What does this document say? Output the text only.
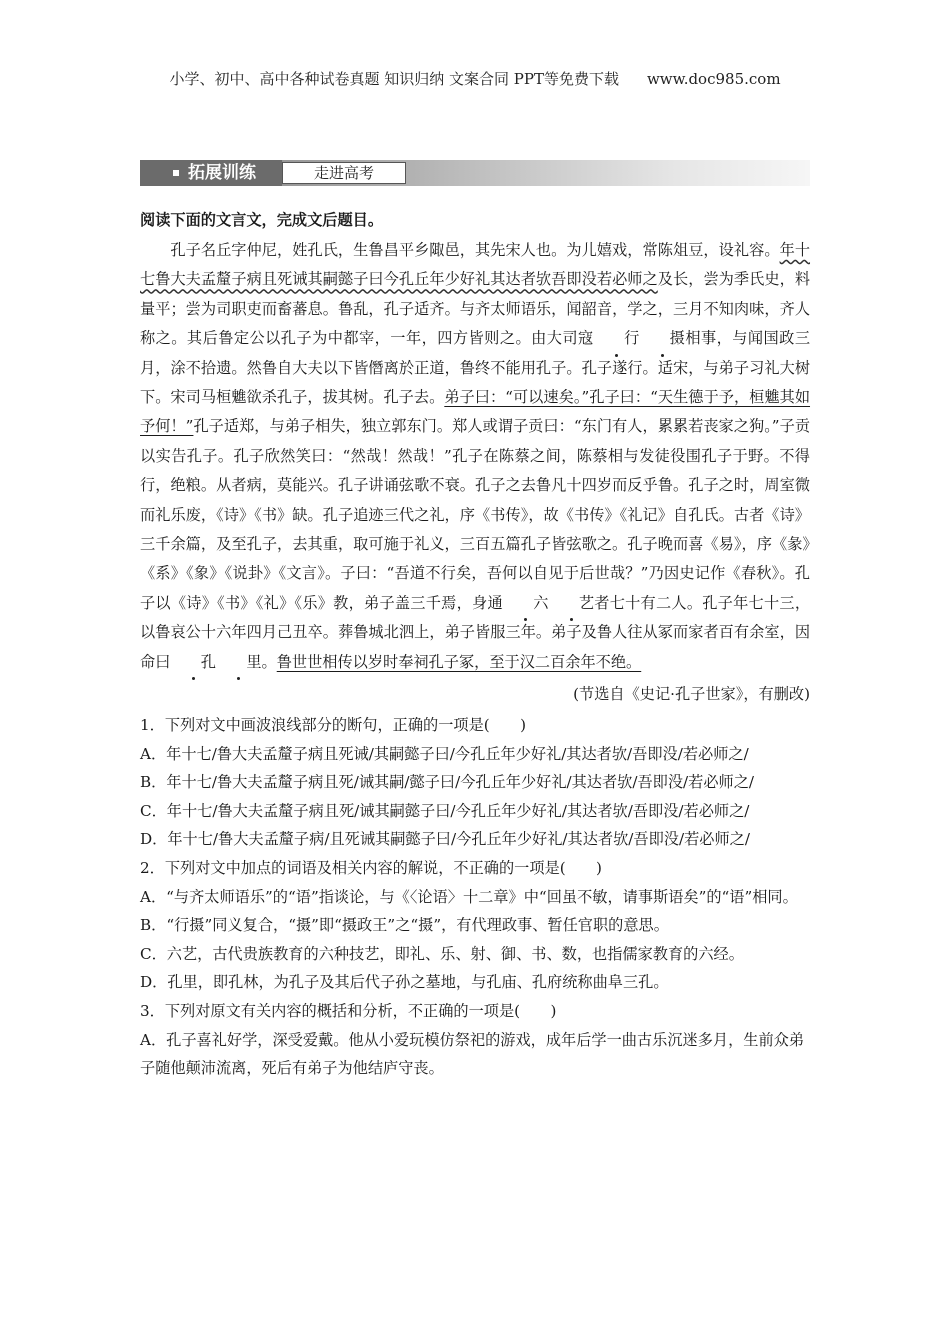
小学、初中、高中各种试卷真题 知识归纳 文案合同 PPT等免费下载 www.doc985.com
拓展训练	走进高考

阅读下面的文言文，完成文后题目。

孔子名丘字仲尼，姓孔氏，生鲁昌平乡陬邑，其先宋人也。为儿嬉戏，常陈俎豆，设礼容。年十七鲁大夫孟釐子病且死诫其嗣懿子曰今孔丘年少好礼其达者欤吾即没若必师之及长，尝为季氏史，料量平；尝为司职吏而畜蕃息。鲁乱，孔子适齐。与齐太师语乐，闻韶音，学之，三月不知肉味，齐人称之。其后鲁定公以孔子为中都宰，一年，四方皆则之。由大司寇 行 摄相事，与闻国政三月，涂不拾遗。然鲁自大夫以下皆僭离於正道，鲁终不能用孔子。孔子遂行。适宋，与弟子习礼大树下。宋司马桓魋欲杀孔子，拔其树。孔子去。弟子曰：“可以速矣。”孔子曰：“天生德于予，桓魋其如予何！”孔子适郑，与弟子相失，独立郭东门。郑人或谓子贡曰：“东门有人，累累若丧家之狗。”子贡以实告孔子。孔子欣然笑曰：“然哉！然哉！”孔子在陈蔡之间，陈蔡相与发徒役围孔子于野。不得行，绝粮。从者病，莫能兴。孔子讲诵弦歌不衰。孔子之去鲁凡十四岁而反乎鲁。孔子之时，周室微而礼乐废，《诗》《书》缺。孔子追迹三代之礼，序《书传》，故《书传》《礼记》自孔氏。古者《诗》三千余篇，及至孔子，去其重，取可施于礼义，三百五篇孔子皆弦歌之。孔子晚而喜《易》，序《彖》《系》《象》《说卦》《文言》。子曰：“吾道不行矣，吾何以自见于后世哉？”乃因史记作《春秋》。孔子以《诗》《书》《礼》《乐》教，弟子盖三千焉，身通 六 艺者七十有二人。孔子年七十三，以鲁哀公十六年四月己丑卒。葬鲁城北泗上，弟子皆服三年。弟子及鲁人往从冢而家者百有余室，因命曰 孔 里。鲁世世相传以岁时奉祠孔子冢，至于汉二百余年不绝。

(节选自《史记·孔子世家》，有删改)

1．下列对文中画波浪线部分的断句，正确的一项是(　　)

A．年十七/鲁大夫孟釐子病且死诫/其嗣懿子曰/今孔丘年少好礼/其达者欤/吾即没/若必师之/

B．年十七/鲁大夫孟釐子病且死/诫其嗣/懿子曰/今孔丘年少好礼/其达者欤/吾即没/若必师之/

C．年十七/鲁大夫孟釐子病且死/诫其嗣懿子曰/今孔丘年少好礼/其达者欤/吾即没/若必师之/

D．年十七/鲁大夫孟釐子病/且死诫其嗣懿子曰/今孔丘年少好礼/其达者欤/吾即没/若必师之/

2．下列对文中加点的词语及相关内容的解说，不正确的一项是(　　)

A．“与齐太师语乐”的“语”指谈论，与《〈论语〉十二章》中“回虽不敏，请事斯语矣”的“语”相同。

B．“行摄”同义复合，“摄”即“摄政王”之“摄”，有代理政事、暂任官职的意思。

C．六艺，古代贵族教育的六种技艺，即礼、乐、射、御、书、数，也指儒家教育的六经。

D．孔里，即孔林，为孔子及其后代子孙之墓地，与孔庙、孔府统称曲阜三孔。

3．下列对原文有关内容的概括和分析，不正确的一项是(　　)

A．孔子喜礼好学，深受爱戴。他从小爱玩模仿祭祀的游戏，成年后学一曲古乐沉迷多月，生前众弟子随他颠沛流离，死后有弟子为他结庐守丧。
